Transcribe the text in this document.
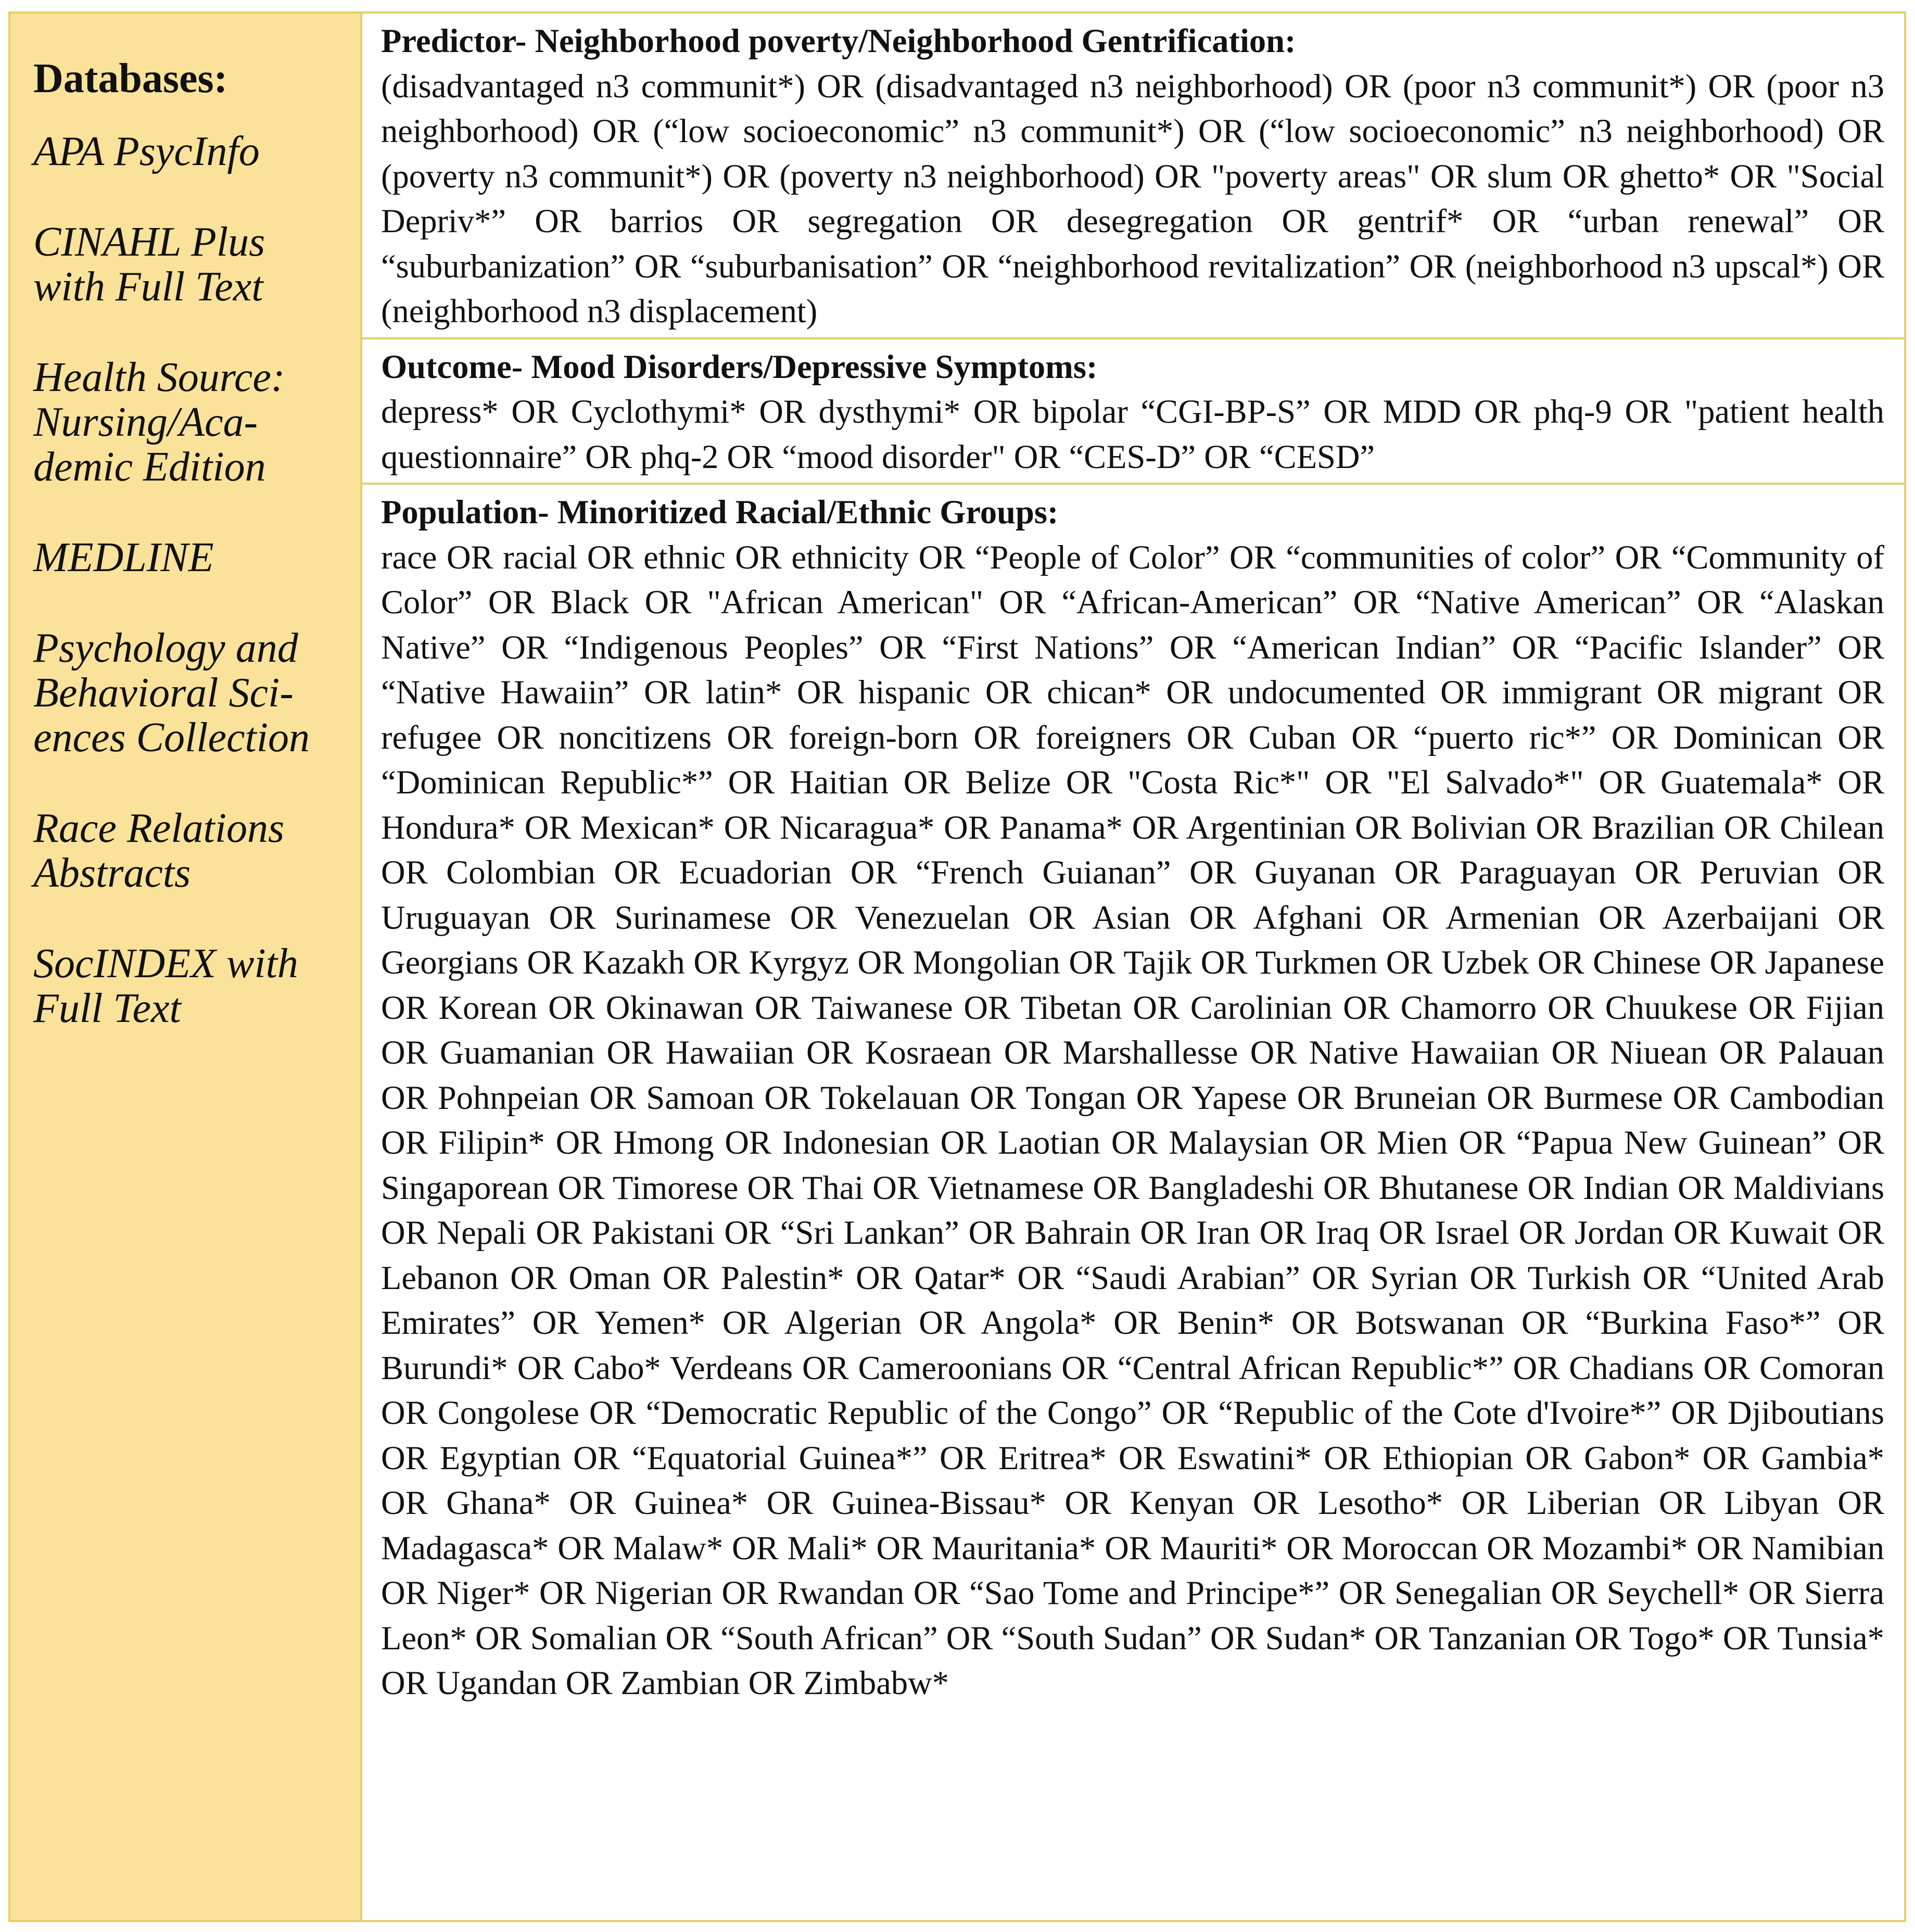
Databases:
APA PsycInfo
CINAHL Plus
with Full Text
Health Source:
Nursing/Aca-
demic Edition
MEDLINE
Psychology and
Behavioral Sci-
ences Collection
Race Relations
Abstracts
SocINDEX with
Full Text
Predictor- Neighborhood poverty/Neighborhood Gentrification:
(disadvantaged n3 communit*) OR (disadvantaged n3 neighborhood) OR (poor n3 communit*) OR (poor n3 neighborhood) OR (“low socioeconomic” n3 communit*) OR (“low socioeconomic” n3 neighborhood) OR (poverty n3 communit*) OR (poverty n3 neighborhood) OR "poverty areas" OR slum OR ghetto* OR "Social Depriv*” OR barrios OR segregation OR desegregation OR gentrif* OR “urban renewal” OR “suburbanization” OR “suburbanisation” OR “neighborhood revitalization” OR (neighborhood n3 upscal*) OR (neighborhood n3 displacement)
Outcome- Mood Disorders/Depressive Symptoms:
depress* OR Cyclothymi* OR dysthymi* OR bipolar “CGI-BP-S” OR MDD OR phq-9 OR "patient health questionnaire” OR phq-2 OR “mood disorder" OR “CES-D” OR “CESD”
Population- Minoritized Racial/Ethnic Groups:
race OR racial OR ethnic OR ethnicity OR “People of Color” OR “communities of color” OR “Community of Color” OR Black OR "African American" OR “African-American” OR “Native American” OR “Alaskan Native” OR “Indigenous Peoples” OR “First Nations” OR “American Indian” OR “Pacific Islander” OR “Native Hawaiin” OR latin* OR hispanic OR chican* OR undocumented OR immigrant OR migrant OR refugee OR noncitizens OR foreign-born OR foreigners OR Cuban OR “puerto ric*” OR Dominican OR “Dominican Republic*” OR Haitian OR Belize OR "Costa Ric*" OR "El Salvado*" OR Guatemala* OR Hondura* OR Mexican* OR Nicaragua* OR Panama* OR Argentinian OR Bolivian OR Brazilian OR Chilean OR Colombian OR Ecuadorian OR “French Guianan” OR Guyanan OR Paraguayan OR Peruvian OR Uruguayan OR Surinamese OR Venezuelan OR Asian OR Afghani OR Armenian OR Azerbaijani OR Georgians OR Kazakh OR Kyrgyz OR Mongolian OR Tajik OR Turkmen OR Uzbek OR Chinese OR Japanese OR Korean OR Okinawan OR Taiwanese OR Tibetan OR Carolinian OR Chamorro OR Chuukese OR Fijian OR Guamanian OR Hawaiian OR Kosraean OR Marshallesse OR Native Hawaiian OR Niuean OR Palauan OR Pohnpeian OR Samoan OR Tokelauan OR Tongan OR Yapese OR Bruneian OR Burmese OR Cambodian OR Filipin* OR Hmong OR Indonesian OR Laotian OR Malaysian OR Mien OR “Papua New Guinean” OR Singaporean OR Timorese OR Thai OR Vietnamese OR Bangladeshi OR Bhutanese OR Indian OR Maldivians OR Nepali OR Pakistani OR “Sri Lankan” OR Bahrain OR Iran OR Iraq OR Israel OR Jordan OR Kuwait OR Lebanon OR Oman OR Palestin* OR Qatar* OR “Saudi Arabian” OR Syrian OR Turkish OR “United Arab Emirates” OR Yemen* OR Algerian OR Angola* OR Benin* OR Botswanan OR “Burkina Faso*” OR Burundi* OR Cabo* Verdeans OR Cameroonians OR “Central African Republic*” OR Chadians OR Comoran OR Congolese OR “Democratic Republic of the Congo” OR “Republic of the Cote d'Ivoire*” OR Djiboutians OR Egyptian OR “Equatorial Guinea*” OR Eritrea* OR Eswatini* OR Ethiopian OR Gabon* OR Gambia* OR Ghana* OR Guinea* OR Guinea-Bissau* OR Kenyan OR Lesotho* OR Liberian OR Libyan OR Madagasca* OR Malaw* OR Mali* OR Mauritania* OR Mauriti* OR Moroccan OR Mozambi* OR Namibian OR Niger* OR Nigerian OR Rwandan OR “Sao Tome and Principe*” OR Senegalian OR Seychell* OR Sierra Leon* OR Somalian OR “South African” OR “South Sudan” OR Sudan* OR Tanzanian OR Togo* OR Tunsia* OR Ugandan OR Zambian OR Zimbabw*
